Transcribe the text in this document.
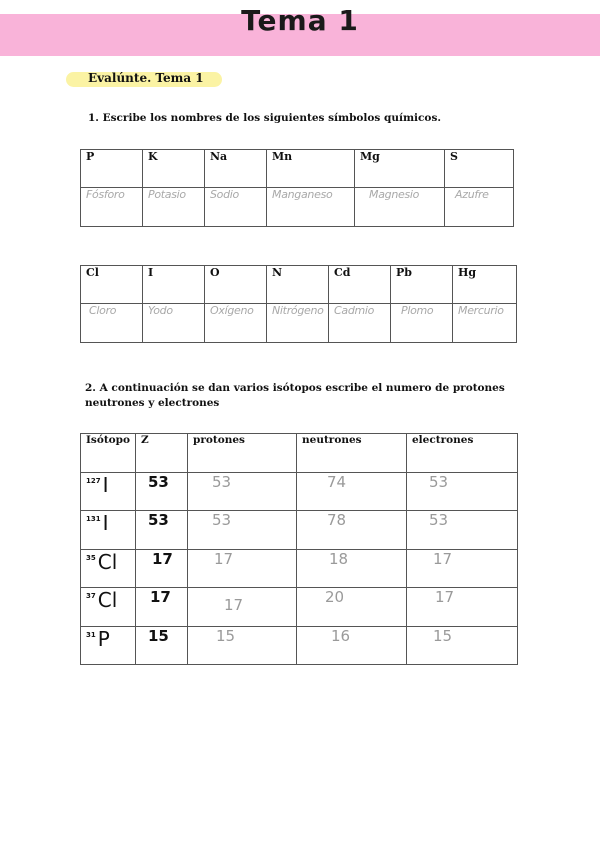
Tema 1
Evalúnte. Tema 1
1. Escribe los nombres de los siguientes símbolos químicos.
P	K	Na	Mn	Mg	S
Fósforo	Potasio	Sodio	Manganeso	Magnesio	Azufre
Cl	I	O	N	Cd	Pb	Hg
Cloro	Yodo	Oxígeno	Nitrógeno	Cadmio	Plomo	Mercurio
2. A continuación se dan varios isótopos escribe el numero de protones neutrones y electrones
Isótopo	Z	protones	neutrones	electrones
$^{127}$ I	53	53	74	53
$^{131}$ I	53	53	78	53
$^{35}$ Cl	17	17	18	17
$^{37}$ Cl	17	17	20	17
$^{31}$ P	15	15	16	15
